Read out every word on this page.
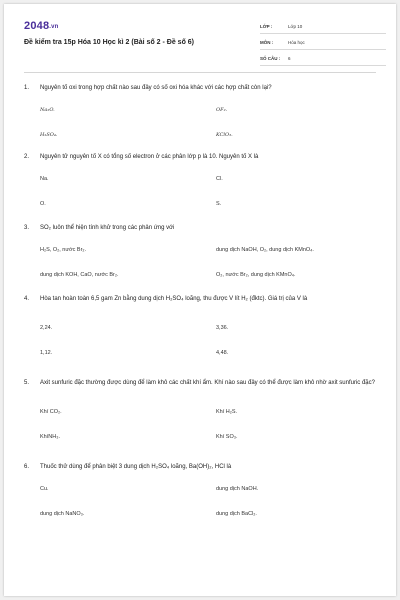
2048.vn
Đề kiểm tra 15p Hóa 10 Học kì 2 (Bài số 2 - Đề số 6)
LỚP :	Lớp 10
MÔN :	Hóa học
SỐ CÂU :	6
1.	Nguyên tố oxi trong hợp chất nào sau đây có số oxi hóa khác với các hợp chất còn lại?
Na₂O.	OF₂.
H₂SO₄.	KClO₃.
2.	Nguyên tử nguyên tố X có tổng số electron ở các phân lớp p là 10. Nguyên tố X là
Na.	Cl.
O.	S.
3.	SO₂ luôn thể hiện tính khử trong các phản ứng với
H₂S, O₂, nước Br₂.	dung dịch NaOH, O₂, dung dịch KMnO₄.
dung dịch KOH, CaO, nước Br₂.	O₂, nước Br₂, dung dịch KMnO₄.
4.	Hòa tan hoàn toàn 6,5 gam Zn bằng dung dịch H₂SO₄ loãng, thu được V lít H₂ (đktc). Giá trị của V là
2,24.	3,36.
1,12.	4,48.
5.	Axit sunfuric đặc thường được dùng để làm khô các chất khí ẩm. Khí nào sau đây có thể được làm khô nhờ axit sunfuric đặc?
Khí CO₂.	Khí H₂S.
KhíNH₃.	Khí SO₃.
6.	Thuốc thử dùng để phân biệt 3 dung dịch H₂SO₄ loãng, Ba(OH)₂, HCl là
Cu.	dung dịch NaOH.
dung dịch NaNO₃.	dung dịch BaCl₂.
